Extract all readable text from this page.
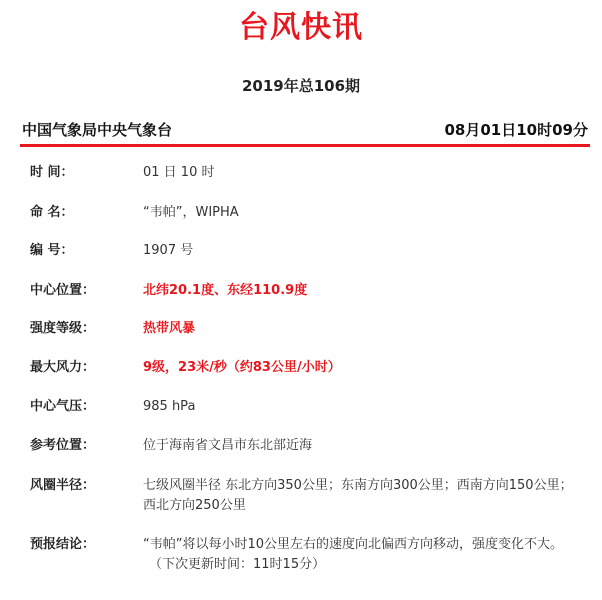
台风快讯
2019年总106期
中国气象局中央气象台	08月01日10时09分
时 间：	01 日 10 时
命 名：	“韦帕”，WIPHA
编 号：	1907 号
中心位置：	北纬20.1度、东经110.9度
强度等级：	热带风暴
最大风力：	9级，23米/秒（约83公里/小时）
中心气压：	985 hPa
参考位置：	位于海南省文昌市东北部近海
风圈半径：	七级风圈半径 东北方向350公里；东南方向300公里；西南方向150公里；西北方向250公里
预报结论：	“韦帕”将以每小时10公里左右的速度向北偏西方向移动，强度变化不大。
（下次更新时间：11时15分）
